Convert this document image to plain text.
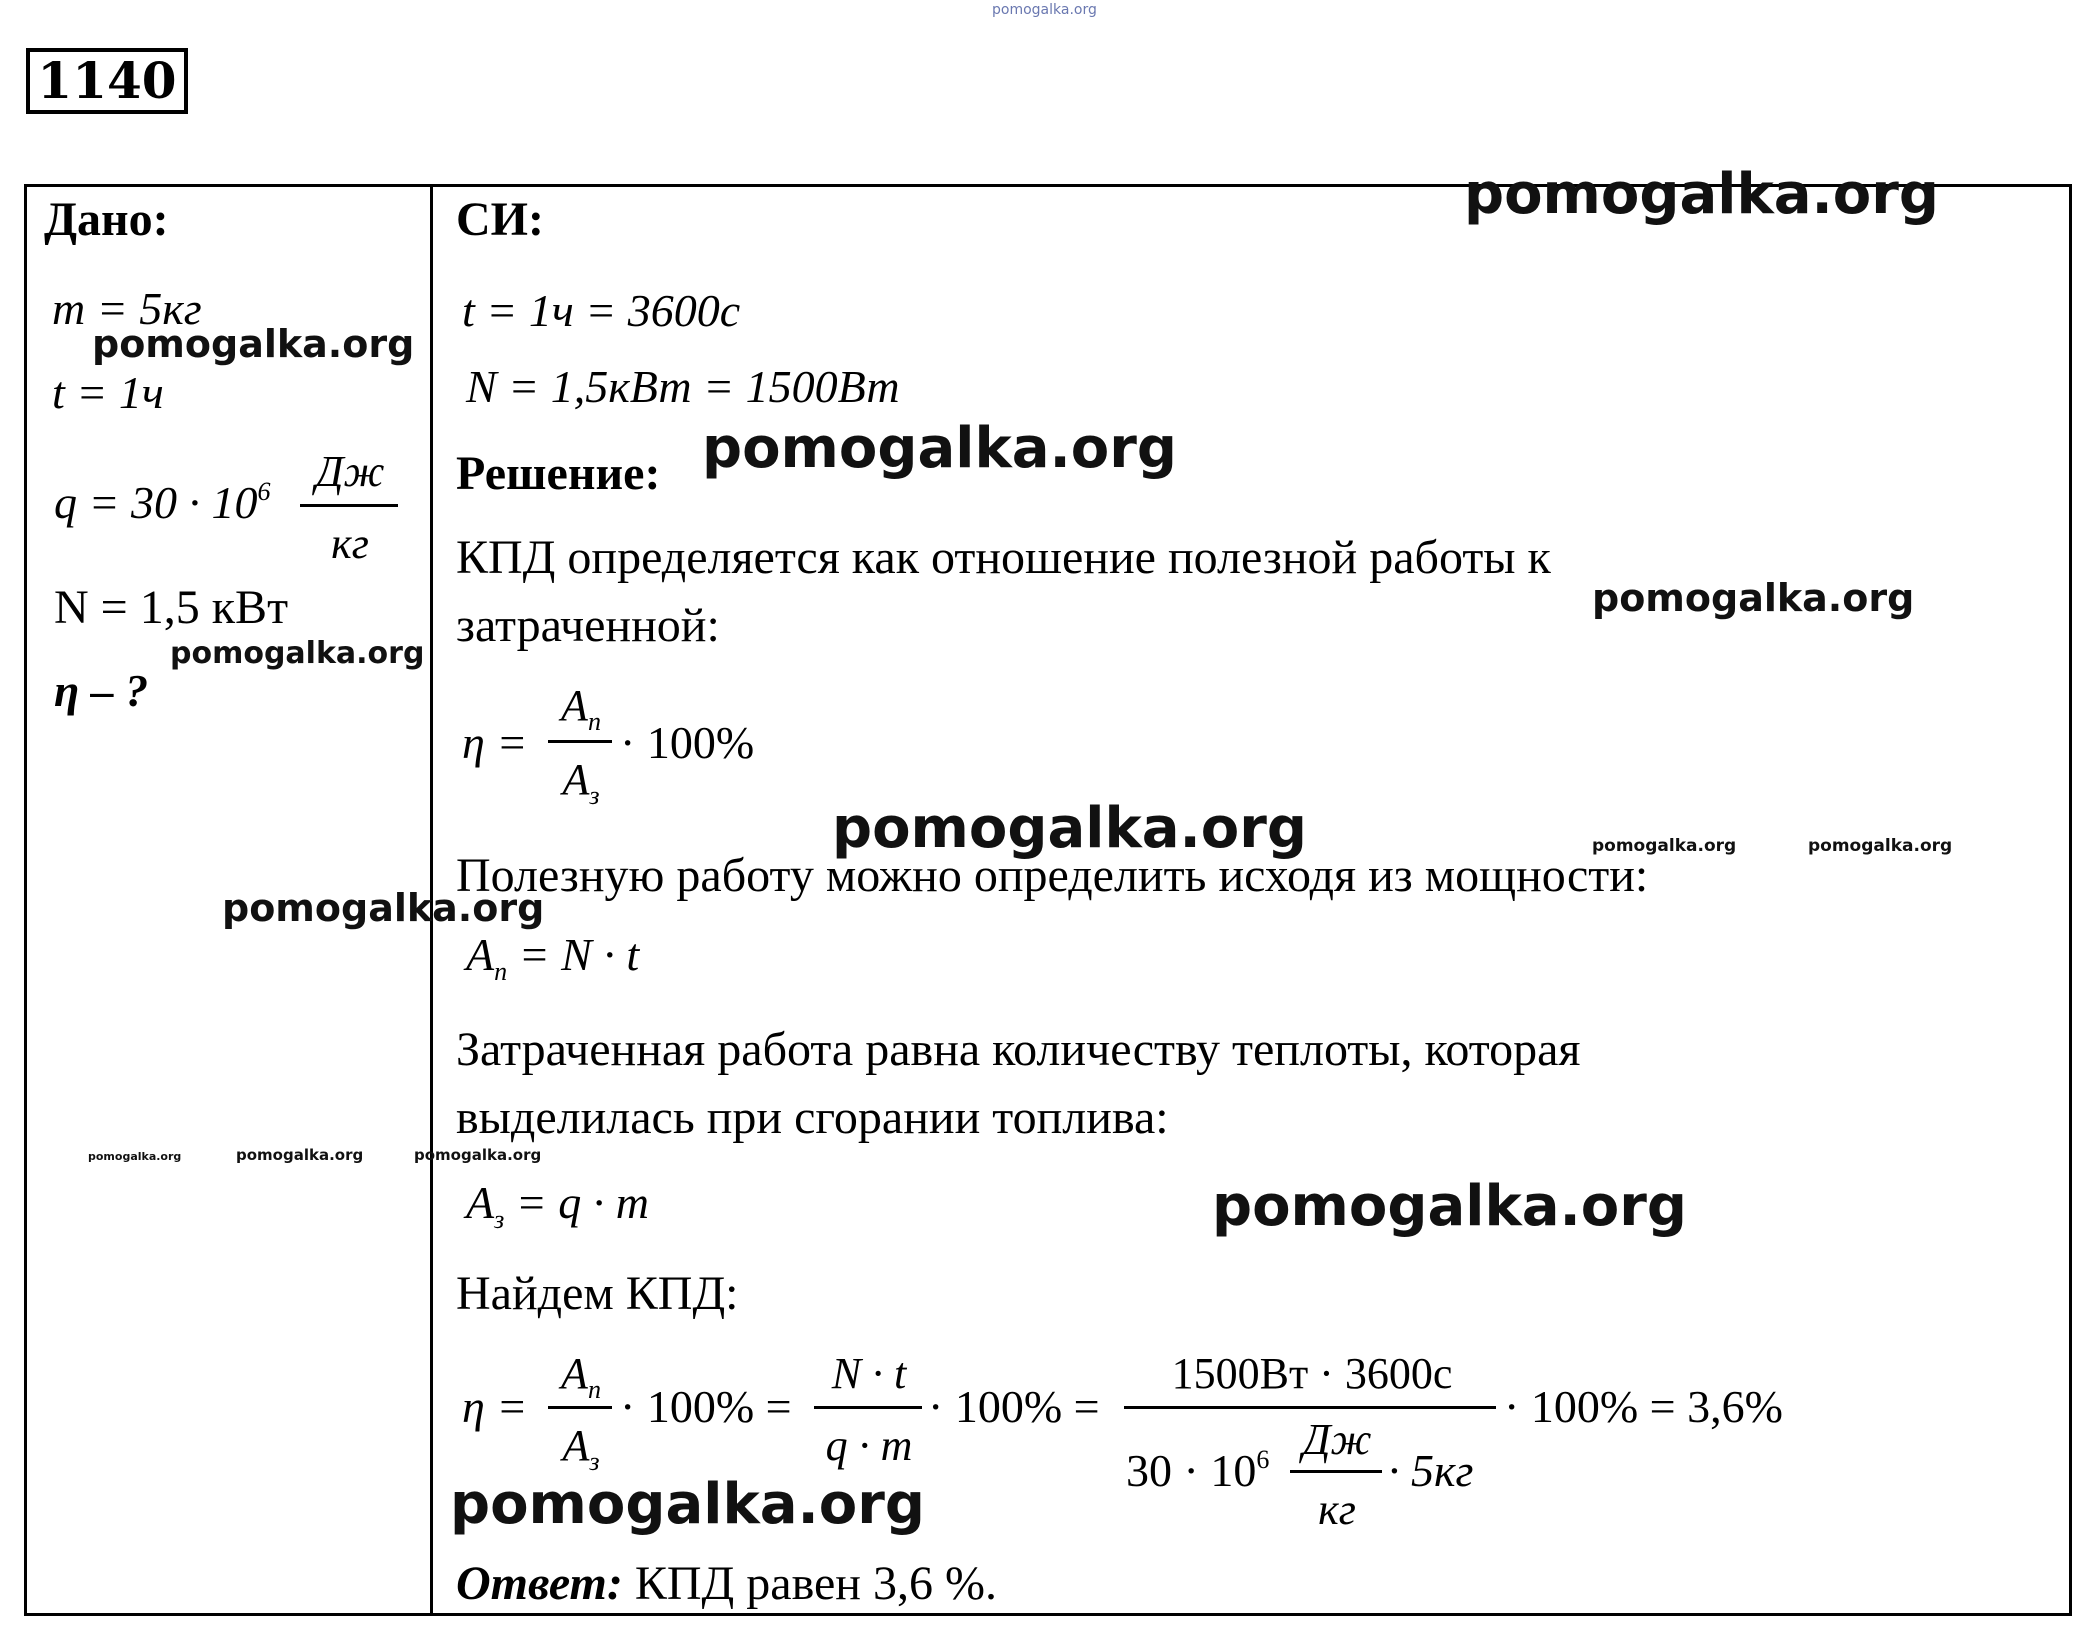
pomogalka.org
1140
Дано:
m = 5кг
t = 1ч
$q = 30 \cdot 10^6$	Дж
кг
N = 1,5 кВт
η – ?
СИ:
t = 1ч = 3600с
N = 1,5кВт = 1500Вт
Решение:
КПД определяется как отношение полезной работы к
затраченной:
η =
$A_п$
$A_з$
· 100%
Полезную работу можно определить исходя из мощности:
$A_п = N \cdot t$
Затраченная работа равна количеству теплоты, которая
выделилась при сгорании топлива:
$A_з = q \cdot m$
Найдем КПД:
η =
$A_п$
$A_з$
· 100% =
N · t
q · m
· 100% =
1500Вт · 3600с
$30 \cdot 10^6$ Дж
кг
· 5кг
· 100% = 3,6%
Ответ: КПД равен 3,6 %.
pomogalka.org
pomogalka.org
pomogalka.org
pomogalka.org
pomogalka.org
pomogalka.org	pomogalka.org	pomogalka.org
pomogalka.org
pomogalka.org	pomogalka.org	pomogalka.org
pomogalka.org
pomogalka.org
